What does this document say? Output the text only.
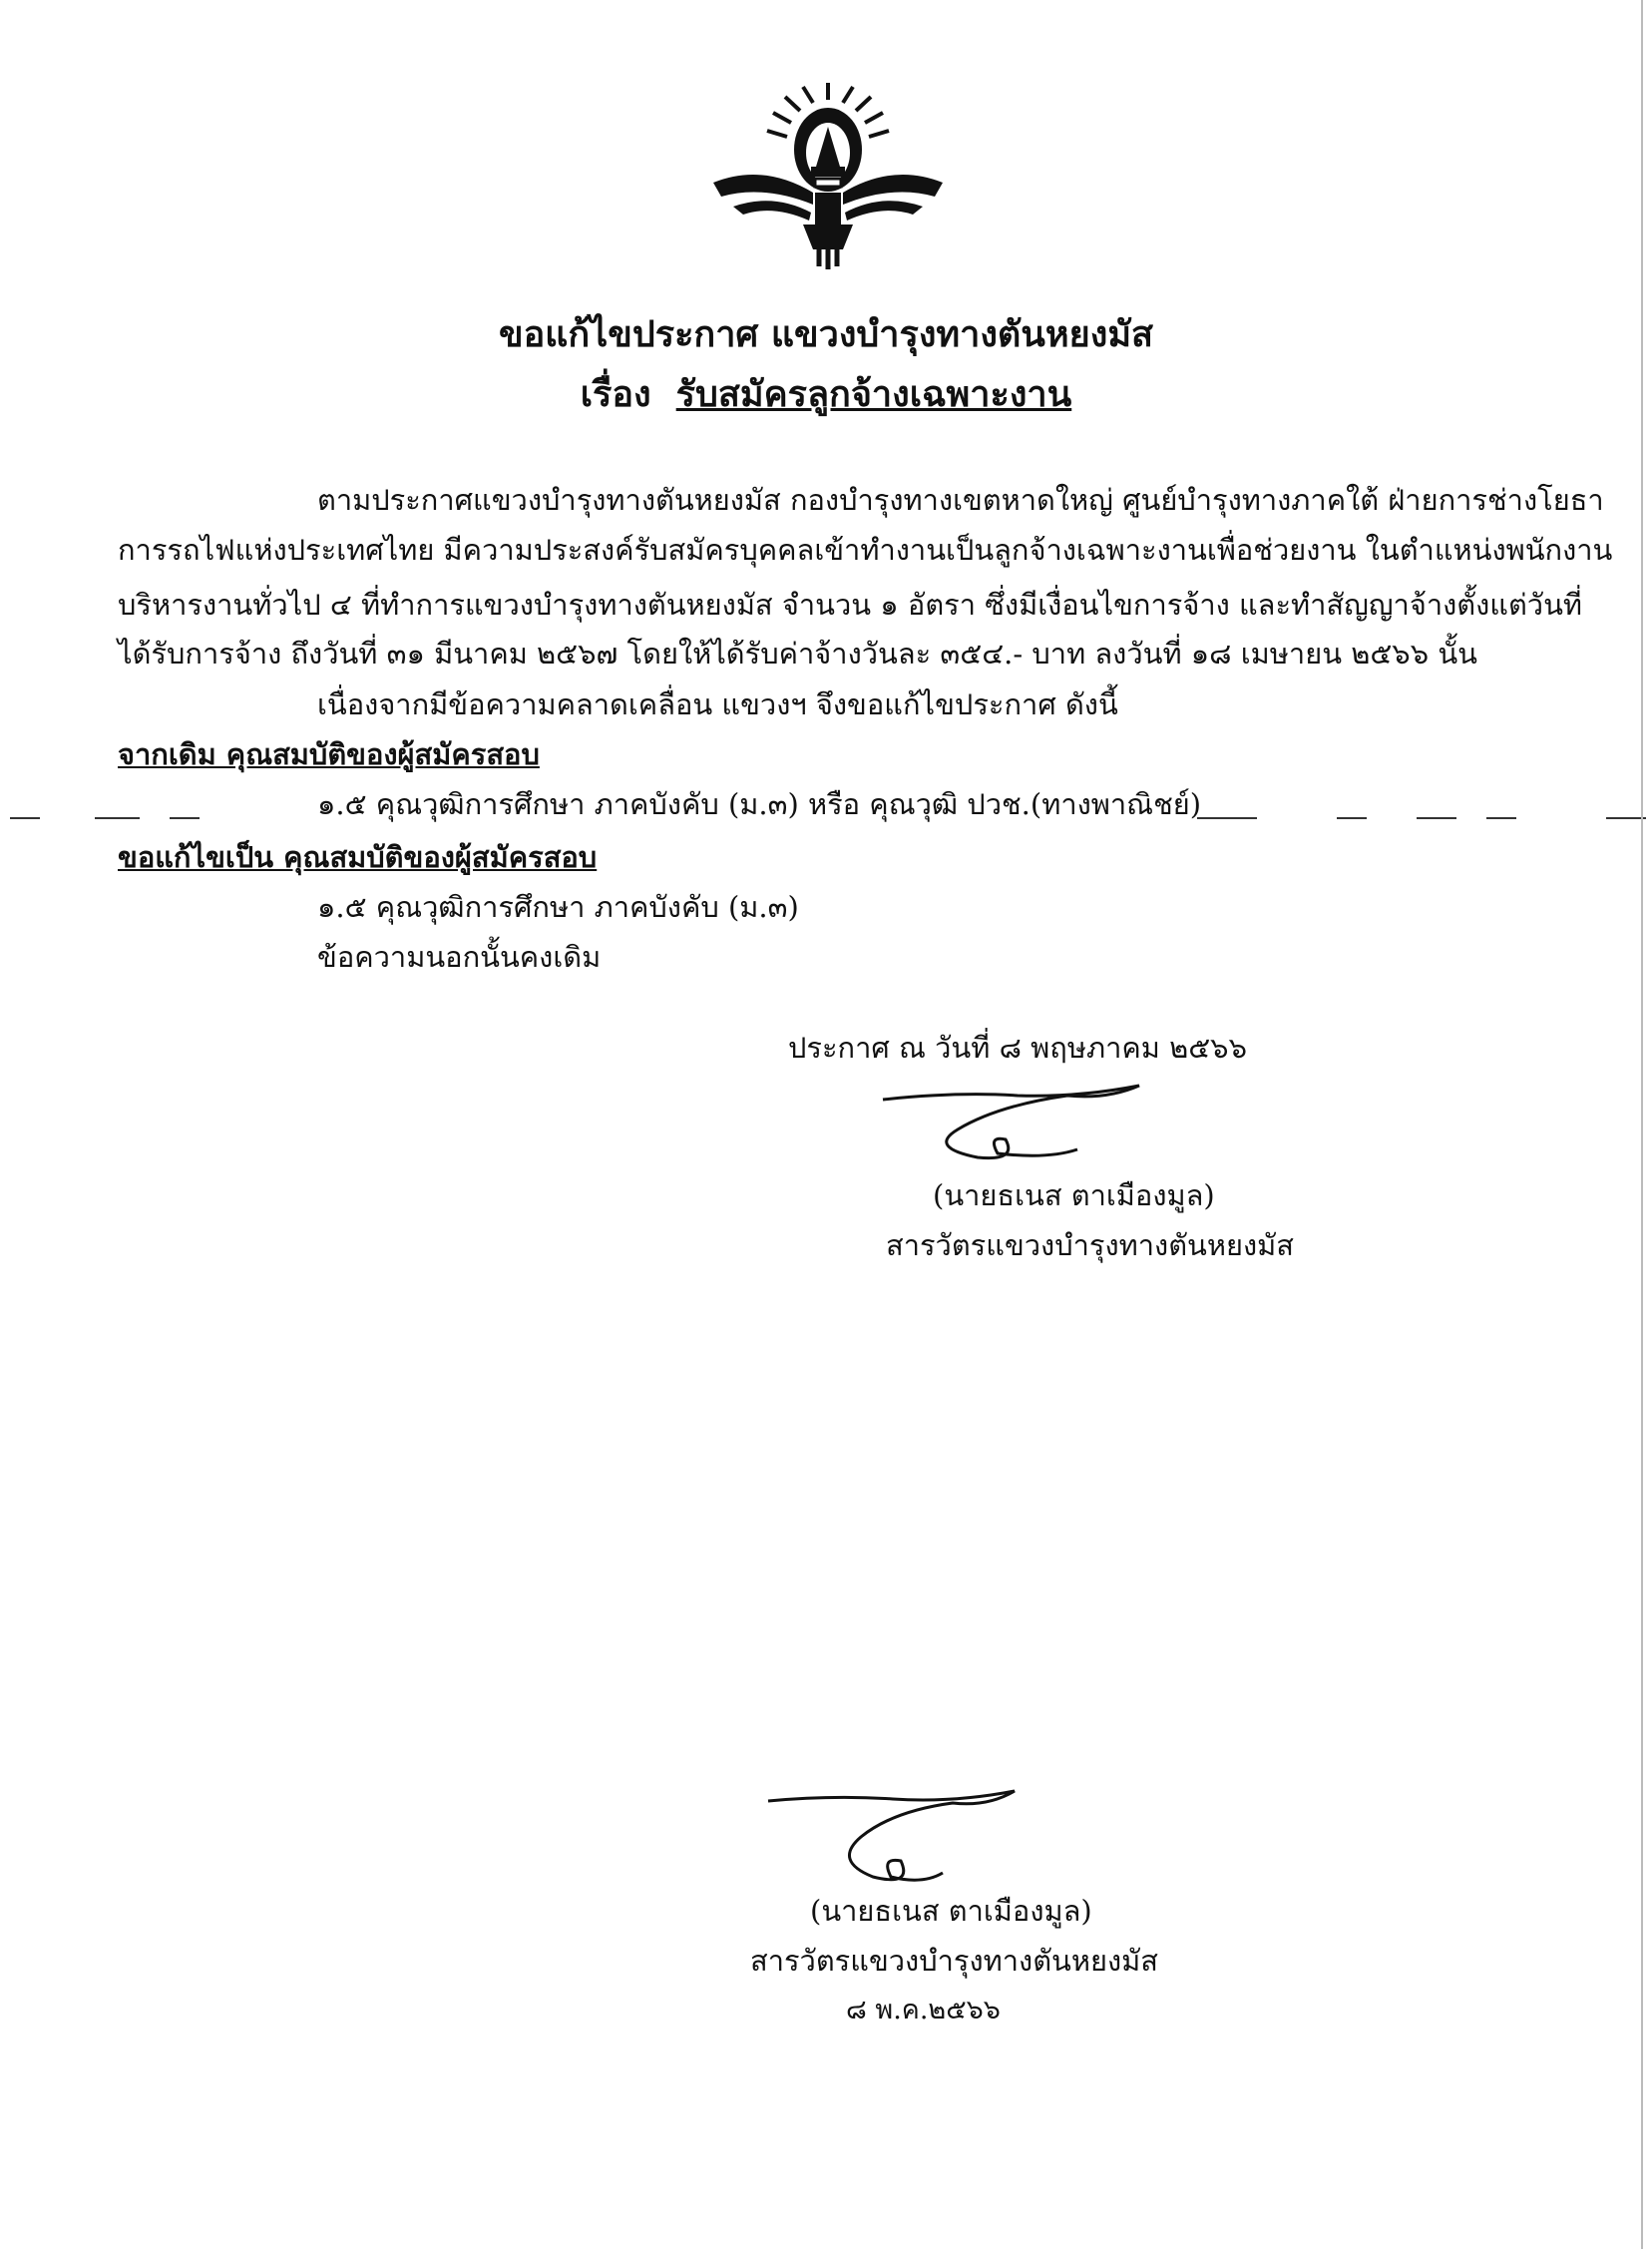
ขอแก้ไขประกาศ แขวงบำรุงทางตันหยงมัส
เรื่อง รับสมัครลูกจ้างเฉพาะงาน
ตามประกาศแขวงบำรุงทางตันหยงมัส กองบำรุงทางเขตหาดใหญ่ ศูนย์บำรุงทางภาคใต้ ฝ่ายการช่างโยธา
การรถไฟแห่งประเทศไทย มีความประสงค์รับสมัครบุคคลเข้าทำงานเป็นลูกจ้างเฉพาะงานเพื่อช่วยงาน ในตำแหน่งพนักงาน
บริหารงานทั่วไป ๔ ที่ทำการแขวงบำรุงทางตันหยงมัส จำนวน ๑ อัตรา ซึ่งมีเงื่อนไขการจ้าง และทำสัญญาจ้างตั้งแต่วันที่
ได้รับการจ้าง ถึงวันที่ ๓๑ มีนาคม ๒๕๖๗ โดยให้ได้รับค่าจ้างวันละ ๓๕๔.- บาท ลงวันที่ ๑๘ เมษายน ๒๕๖๖ นั้น
เนื่องจากมีข้อความคลาดเคลื่อน แขวงฯ จึงขอแก้ไขประกาศ ดังนี้
จากเดิม คุณสมบัติของผู้สมัครสอบ
๑.๕ คุณวุฒิการศึกษา ภาคบังคับ (ม.๓) หรือ คุณวุฒิ ปวช.(ทางพาณิชย์)
ขอแก้ไขเป็น คุณสมบัติของผู้สมัครสอบ
๑.๕ คุณวุฒิการศึกษา ภาคบังคับ (ม.๓)
ข้อความนอกนั้นคงเดิม
ประกาศ ณ วันที่ ๘ พฤษภาคม ๒๕๖๖
(นายธเนส ตาเมืองมูล)
สารวัตรแขวงบำรุงทางตันหยงมัส
(นายธเนส ตาเมืองมูล)
สารวัตรแขวงบำรุงทางตันหยงมัส
๘ พ.ค.๒๕๖๖
